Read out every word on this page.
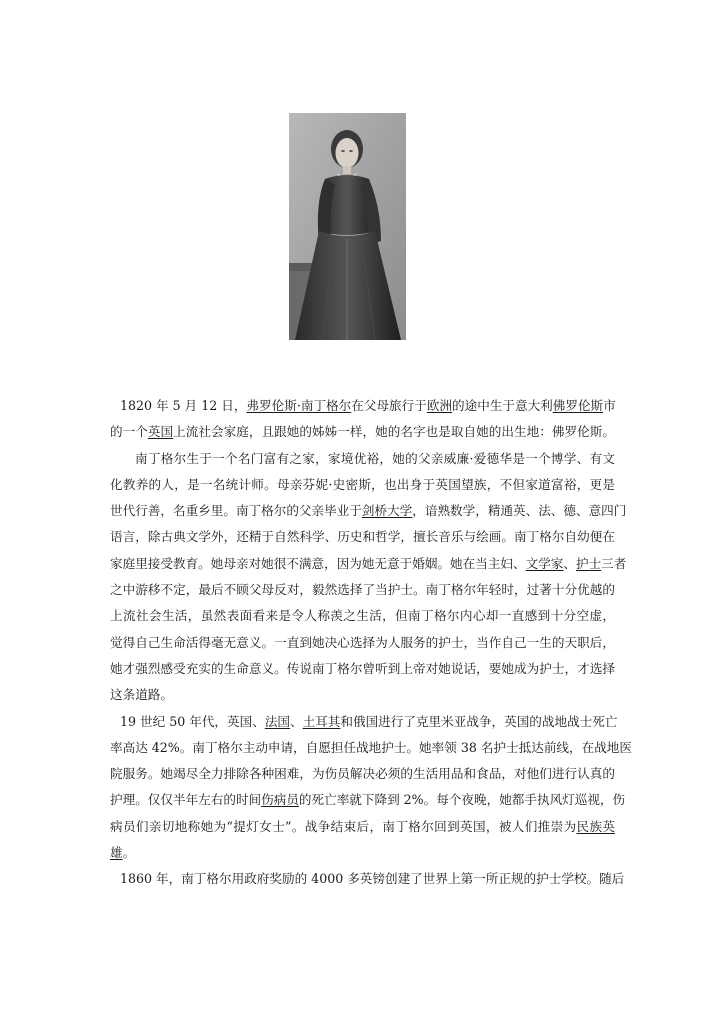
1820 年 5 月 12 日，弗罗伦斯·南丁格尔在父母旅行于欧洲的途中生于意大利佛罗伦斯市
的一个英国上流社会家庭，且跟她的姊姊一样，她的名字也是取自她的出生地：佛罗伦斯。
南丁格尔生于一个名门富有之家，家境优裕，她的父亲威廉·爱德华是一个博学、有文
化教养的人，是一名统计师。母亲芬妮·史密斯，也出身于英国望族，不但家道富裕，更是
世代行善，名重乡里。南丁格尔的父亲毕业于剑桥大学，谙熟数学，精通英、法、德、意四门
语言，除古典文学外，还精于自然科学、历史和哲学，擅长音乐与绘画。南丁格尔自幼便在
家庭里接受教育。她母亲对她很不满意，因为她无意于婚姻。她在当主妇、文学家、护士三者
之中游移不定，最后不顾父母反对，毅然选择了当护士。南丁格尔年轻时，过著十分优越的
上流社会生活，虽然表面看来是令人称羡之生活，但南丁格尔内心却一直感到十分空虚，
觉得自己生命活得毫无意义。一直到她决心选择为人服务的护士，当作自己一生的天职后，
她才强烈感受充实的生命意义。传说南丁格尔曾听到上帝对她说话，要她成为护士，才选择
这条道路。
19 世纪 50 年代，英国、法国、土耳其和俄国进行了克里米亚战争，英国的战地战士死亡
率高达 42%。南丁格尔主动申请，自愿担任战地护士。她率领 38 名护士抵达前线，在战地医
院服务。她竭尽全力排除各种困难，为伤员解决必须的生活用品和食品，对他们进行认真的
护理。仅仅半年左右的时间伤病员的死亡率就下降到 2%。每个夜晚，她都手执风灯巡视，伤
病员们亲切地称她为“提灯女士”。战争结束后，南丁格尔回到英国，被人们推崇为民族英
雄。
1860 年，南丁格尔用政府奖励的 4000 多英镑创建了世界上第一所正规的护士学校。随后
